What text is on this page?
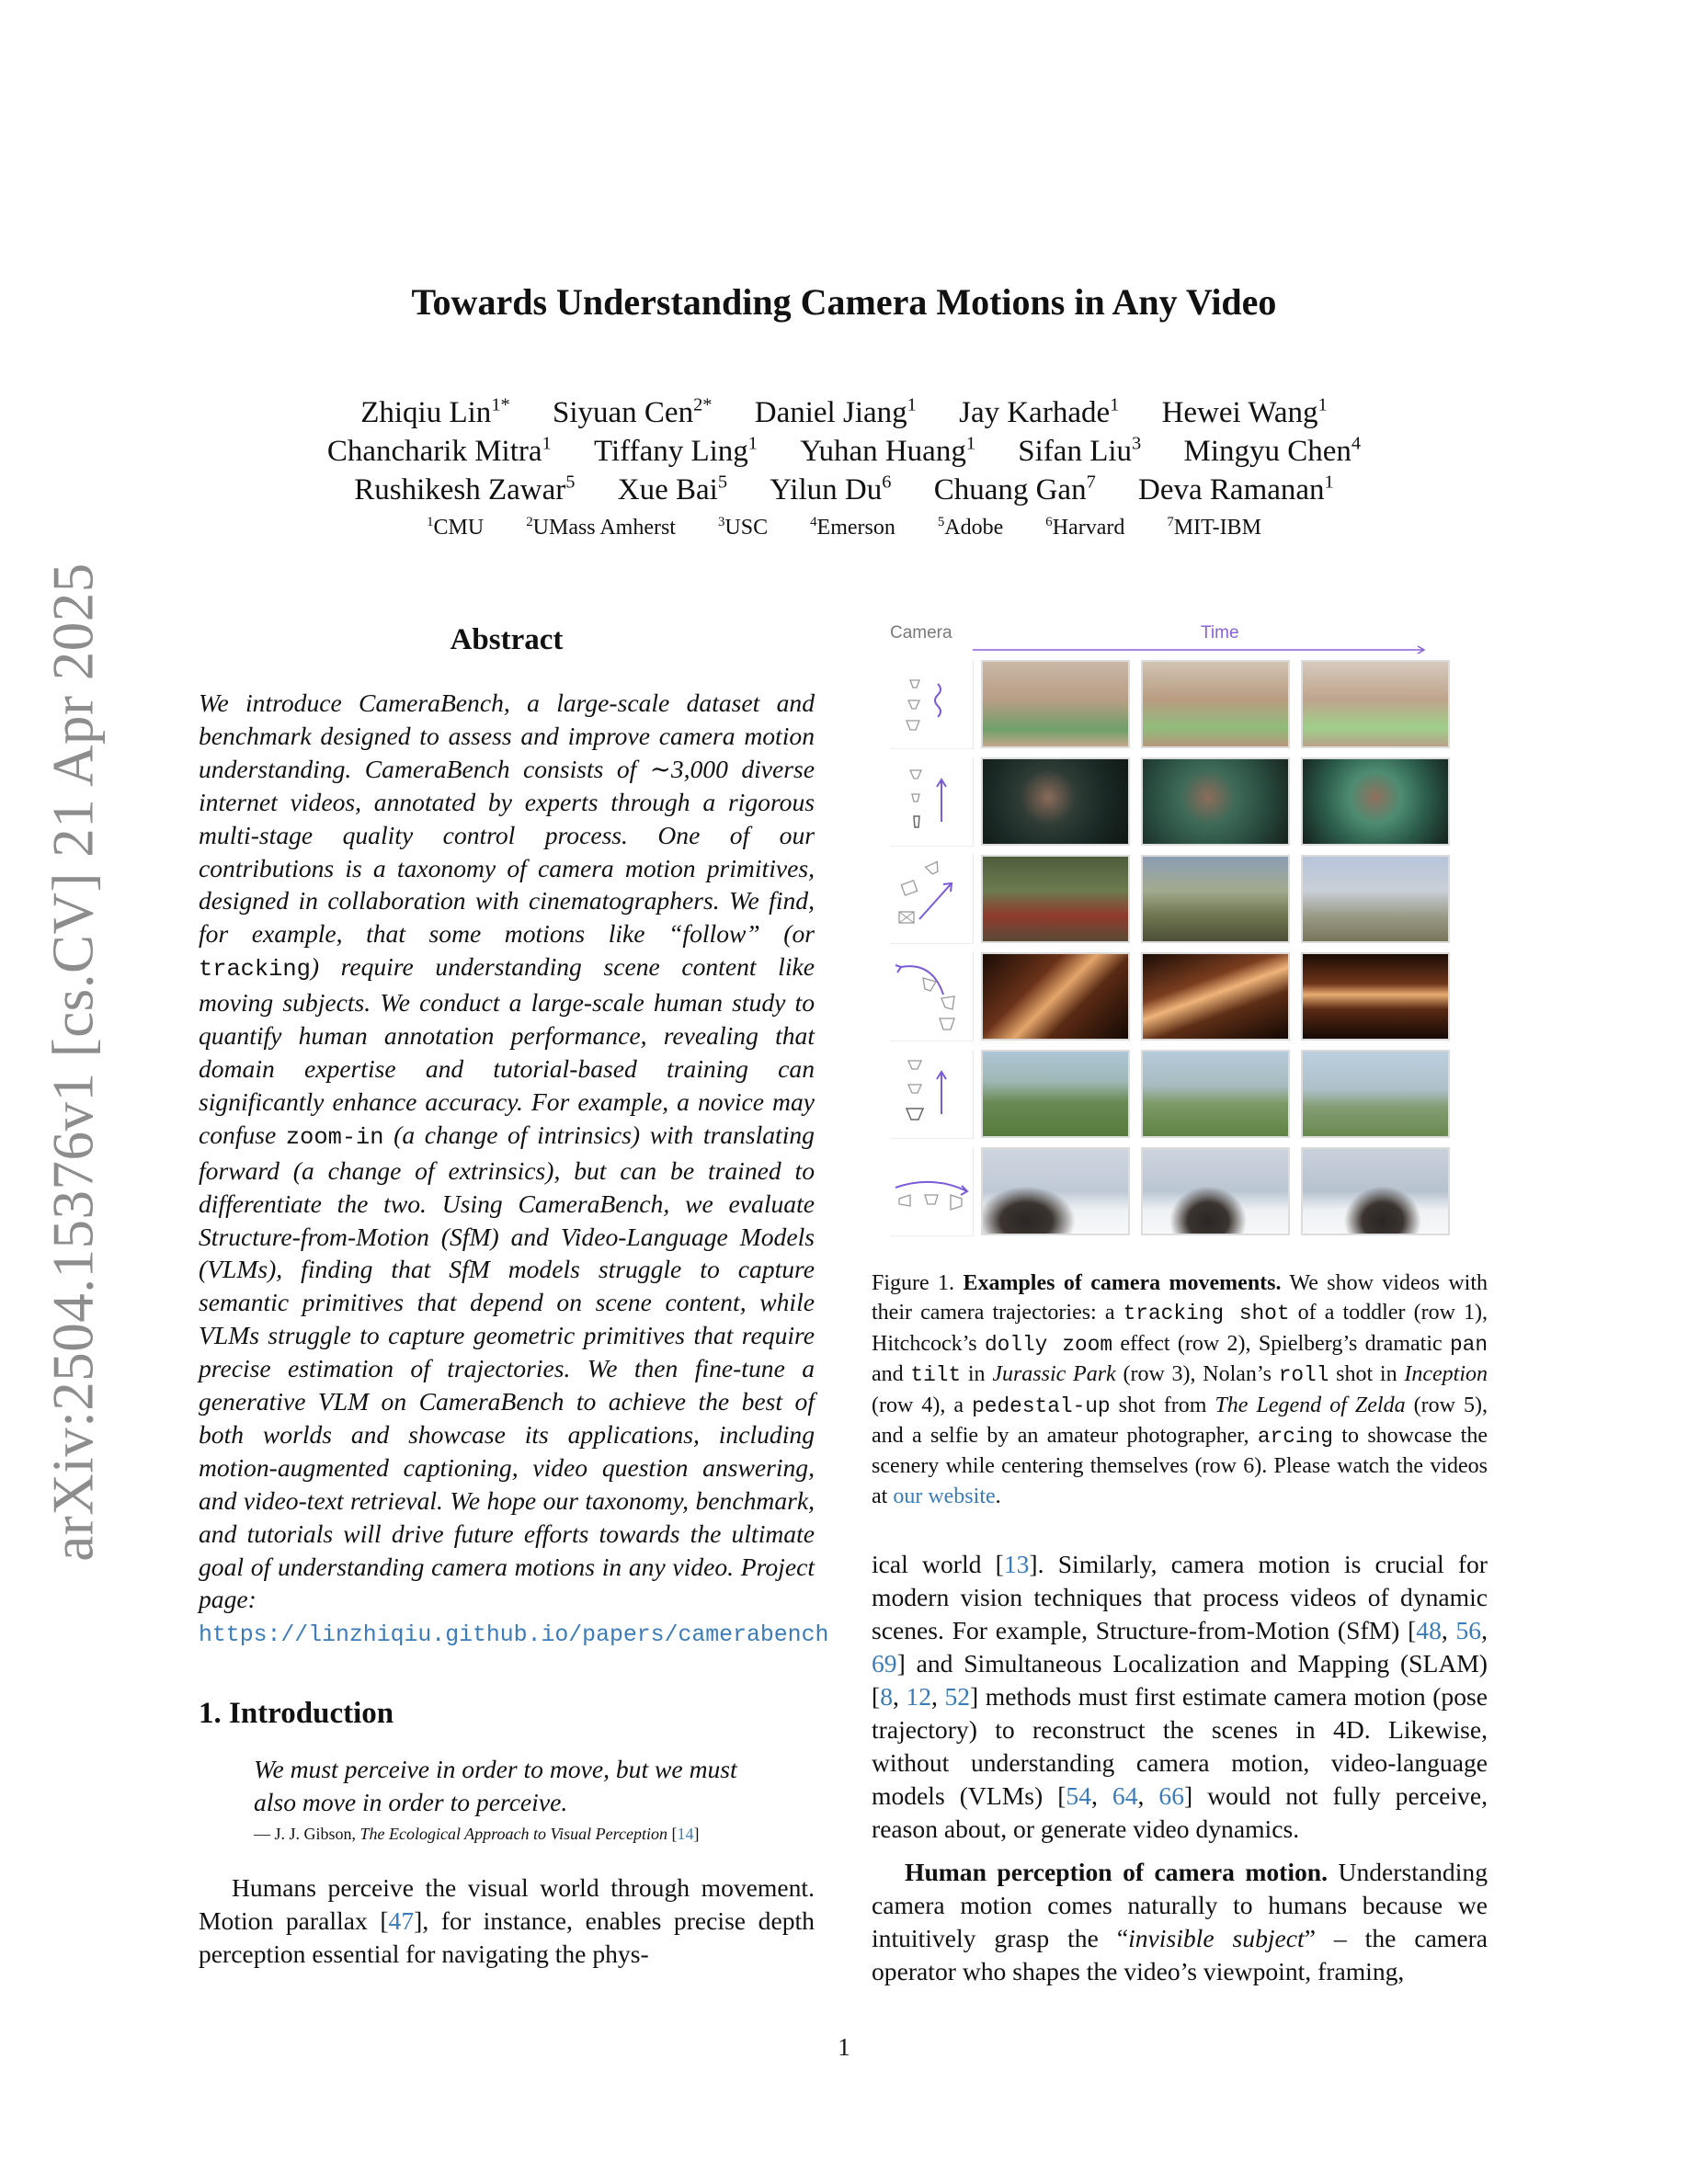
arXiv:2504.15376v1 [cs.CV] 21 Apr 2025
Towards Understanding Camera Motions in Any Video
Zhiqiu Lin$^{1*}$ Siyuan Cen$^{2*}$ Daniel Jiang$^1$ Jay Karhade$^1$ Hewei Wang$^1$
Chancharik Mitra$^1$ Tiffany Ling$^1$ Yuhan Huang$^1$ Sifan Liu$^3$ Mingyu Chen$^4$
Rushikesh Zawar$^5$ Xue Bai$^5$ Yilun Du$^6$ Chuang Gan$^7$ Deva Ramanan$^1$
$^1$CMU	$^2$UMass Amherst	$^3$USC	$^4$Emerson	$^5$Adobe	$^6$Harvard	$^7$MIT-IBM
Abstract

We introduce CameraBench, a large-scale dataset and benchmark designed to assess and improve camera motion understanding. CameraBench consists of ∼3,000 diverse internet videos, annotated by experts through a rigorous multi-stage quality control process. One of our contributions is a taxonomy of camera motion primitives, designed in collaboration with cinematographers. We find, for example, that some motions like “follow” (or tracking) require understanding scene content like moving subjects. We conduct a large-scale human study to quantify human annotation performance, revealing that domain expertise and tutorial-based training can significantly enhance accuracy. For example, a novice may confuse zoom-in (a change of intrinsics) with translating forward (a change of extrinsics), but can be trained to differentiate the two. Using CameraBench, we evaluate Structure-from-Motion (SfM) and Video-Language Models (VLMs), finding that SfM models struggle to capture semantic primitives that depend on scene content, while VLMs struggle to capture geometric primitives that require precise estimation of trajectories. We then fine-tune a generative VLM on CameraBench to achieve the best of both worlds and showcase its applications, including motion-augmented captioning, video question answering, and video-text retrieval. We hope our taxonomy, benchmark, and tutorials will drive future efforts towards the ultimate goal of understanding camera motions in any video. Project page: https://linzhiqiu.github.io/papers/camerabench

1. Introduction

We must perceive in order to move, but we must also move in order to perceive.

— J. J. Gibson, The Ecological Approach to Visual Perception [14]

Humans perceive the visual world through movement. Motion parallax [47], for instance, enables precise depth perception essential for navigating the phys-

Camera	Time

Figure 1. Examples of camera movements. We show videos with their camera trajectories: a tracking shot of a toddler (row 1), Hitchcock’s dolly zoom effect (row 2), Spielberg’s dramatic pan and tilt in Jurassic Park (row 3), Nolan’s roll shot in Inception (row 4), a pedestal-up shot from The Legend of Zelda (row 5), and a selfie by an amateur photographer, arcing to showcase the scenery while centering themselves (row 6). Please watch the videos at our website.

ical world [13]. Similarly, camera motion is crucial for modern vision techniques that process videos of dynamic scenes. For example, Structure-from-Motion (SfM) [48, 56, 69] and Simultaneous Localization and Mapping (SLAM) [8, 12, 52] methods must first estimate camera motion (pose trajectory) to reconstruct the scenes in 4D. Likewise, without understanding camera motion, video-language models (VLMs) [54, 64, 66] would not fully perceive, reason about, or generate video dynamics.

Human perception of camera motion. Understanding camera motion comes naturally to humans because we intuitively grasp the “invisible subject” – the camera operator who shapes the video’s viewpoint, framing,

1
